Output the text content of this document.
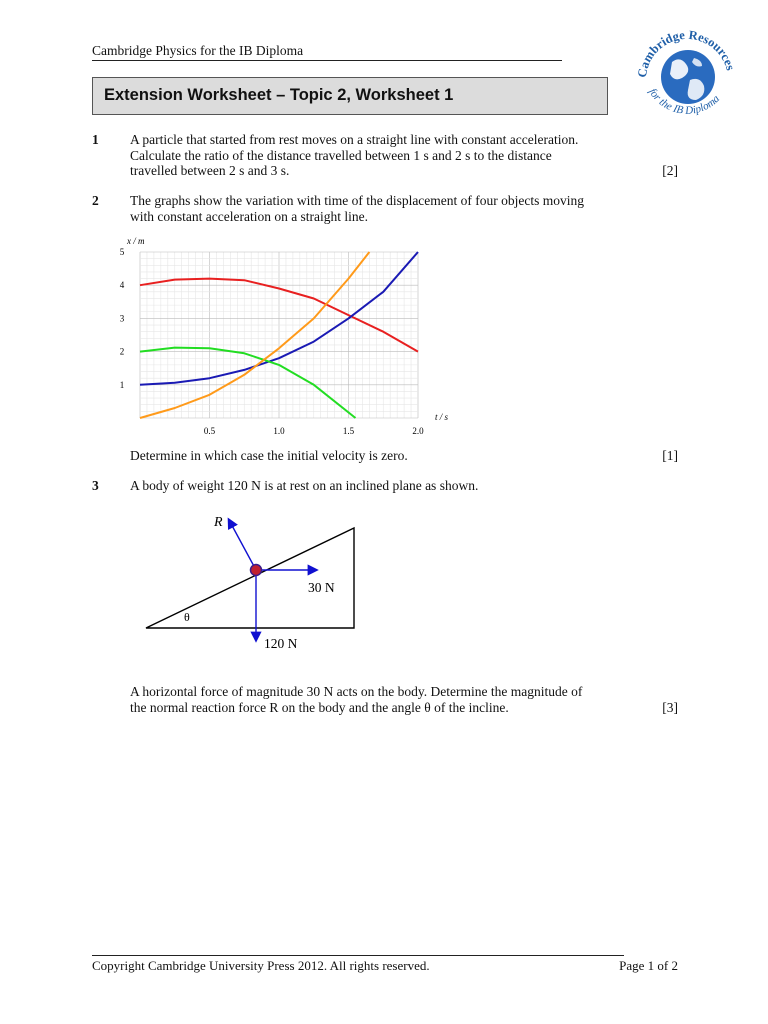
Cambridge Physics for the IB Diploma
Cambridge Resources
for the IB Diploma
Extension Worksheet – Topic 2, Worksheet 1
1 A particle that started from rest moves on a straight line with constant acceleration.
Calculate the ratio of the distance travelled between 1 s and 2 s to the distance
travelled between 2 s and 3 s.	[2]
2 The graphs show the variation with time of the displacement of four objects moving
with constant acceleration on a straight line.
0.5	1.0	1.5	2.0
1
2
3
4
5
x / m
t / s
Determine in which case the initial velocity is zero.	[1]
3 A body of weight 120 N is at rest on an inclined plane as shown.
R
θ
30 N
120 N
A horizontal force of magnitude 30 N acts on the body. Determine the magnitude of
the normal reaction force R on the body and the angle θ of the incline.	[3]
Copyright Cambridge University Press 2012. All rights reserved.	Page 1 of 2
